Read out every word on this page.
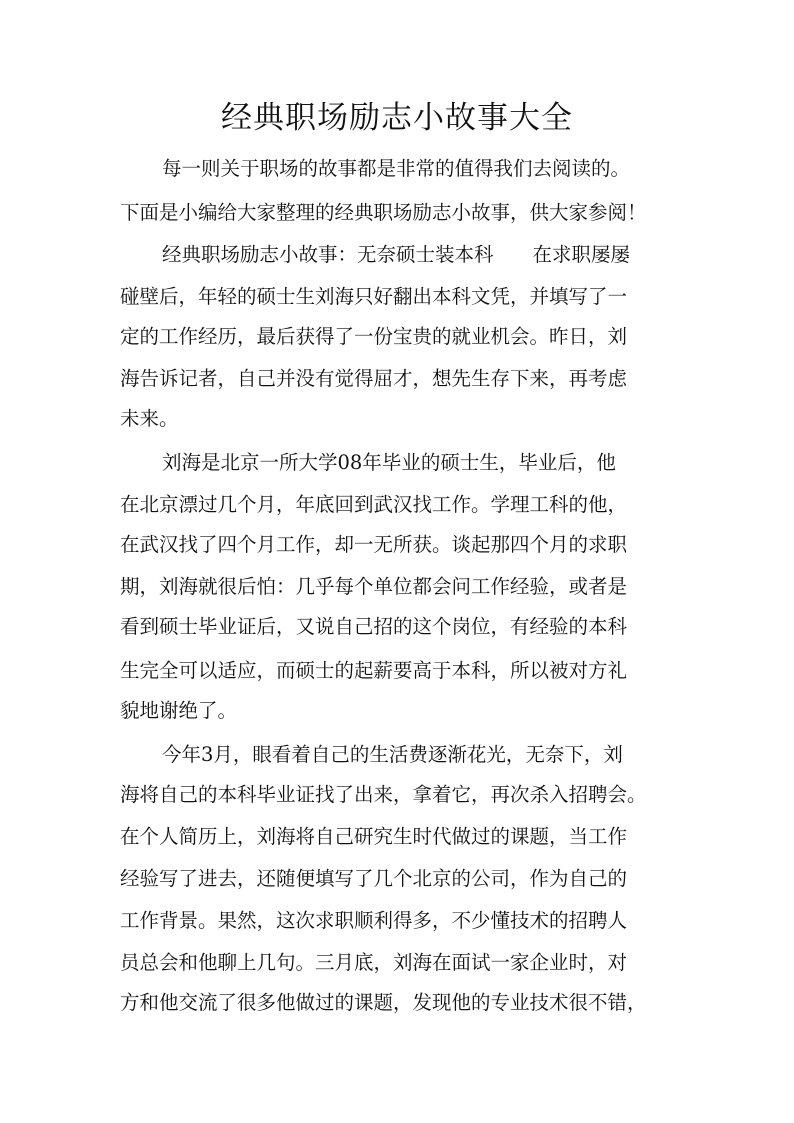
经典职场励志小故事大全
每一则关于职场的故事都是非常的值得我们去阅读的。
下面是小编给大家整理的经典职场励志小故事，供大家参阅！
经典职场励志小故事：无奈硕士装本科　　在求职屡屡
碰壁后，年轻的硕士生刘海只好翻出本科文凭，并填写了一
定的工作经历，最后获得了一份宝贵的就业机会。昨日，刘
海告诉记者，自己并没有觉得屈才，想先生存下来，再考虑
未来。
刘海是北京一所大学08年毕业的硕士生，毕业后，他
在北京漂过几个月，年底回到武汉找工作。学理工科的他，
在武汉找了四个月工作，却一无所获。谈起那四个月的求职
期，刘海就很后怕：几乎每个单位都会问工作经验，或者是
看到硕士毕业证后，又说自己招的这个岗位，有经验的本科
生完全可以适应，而硕士的起薪要高于本科，所以被对方礼
貌地谢绝了。
今年3月，眼看着自己的生活费逐渐花光，无奈下，刘
海将自己的本科毕业证找了出来，拿着它，再次杀入招聘会。
在个人简历上，刘海将自己研究生时代做过的课题，当工作
经验写了进去，还随便填写了几个北京的公司，作为自己的
工作背景。果然，这次求职顺利得多，不少懂技术的招聘人
员总会和他聊上几句。三月底，刘海在面试一家企业时，对
方和他交流了很多他做过的课题，发现他的专业技术很不错，
